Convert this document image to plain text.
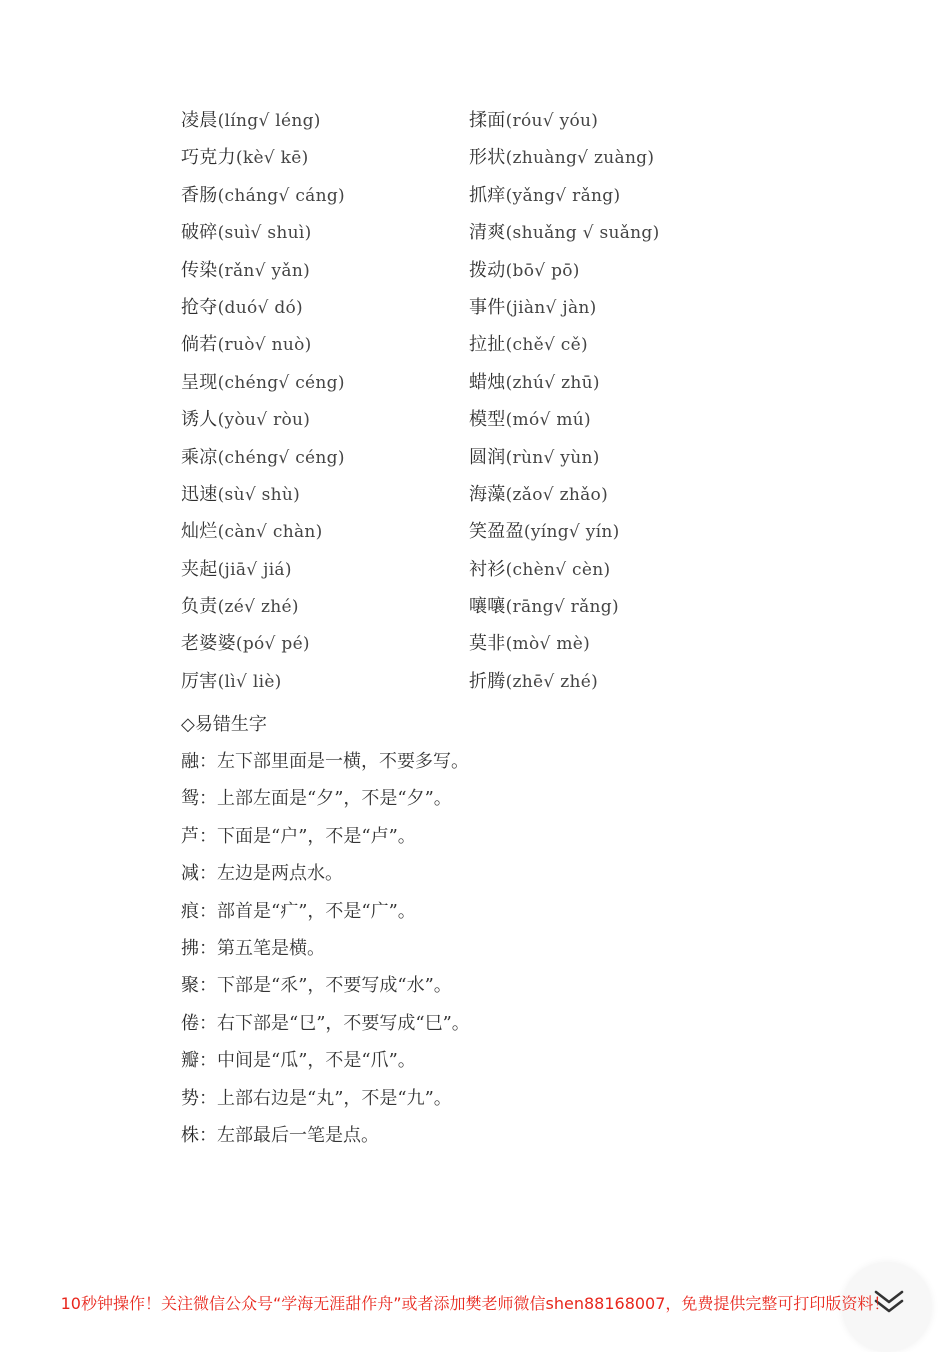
凌晨(líng√ léng)
巧克力(kè√ kē)
香肠(cháng√ cáng)
破碎(suì√ shuì)
传染(rǎn√ yǎn)
抢夺(duó√ dó)
倘若(ruò√ nuò)
呈现(chéng√ céng)
诱人(yòu√ ròu)
乘凉(chéng√ céng)
迅速(sù√ shù)
灿烂(càn√ chàn)
夹起(jiā√ jiá)
负责(zé√ zhé)
老婆婆(pó√ pé)
厉害(lì√ liè)
揉面(róu√ yóu)
形状(zhuàng√ zuàng)
抓痒(yǎng√ rǎng)
清爽(shuǎng √ suǎng)
拨动(bō√ pō)
事件(jiàn√ jàn)
拉扯(chě√ cě)
蜡烛(zhú√ zhū)
模型(mó√ mú)
圆润(rùn√ yùn)
海藻(zǎo√ zhǎo)
笑盈盈(yíng√ yín)
衬衫(chèn√ cèn)
嚷嚷(rāng√ rǎng)
莫非(mò√ mè)
折腾(zhē√ zhé)
◇易错生字
融：左下部里面是一横，不要多写。
鸳：上部左面是“夕”，不是“夕”。
芦：下面是“户”，不是“卢”。
减：左边是两点水。
痕：部首是“疒”，不是“广”。
拂：第五笔是横。
聚：下部是“乑”，不要写成“水”。
倦：右下部是“㔾”，不要写成“巳”。
瓣：中间是“瓜”，不是“爪”。
势：上部右边是“丸”，不是“九”。
株：左部最后一笔是点。
10秒钟操作！关注微信公众号“学海无涯甜作舟”或者添加樊老师微信shen88168007，免费提供完整可打印版资料！
